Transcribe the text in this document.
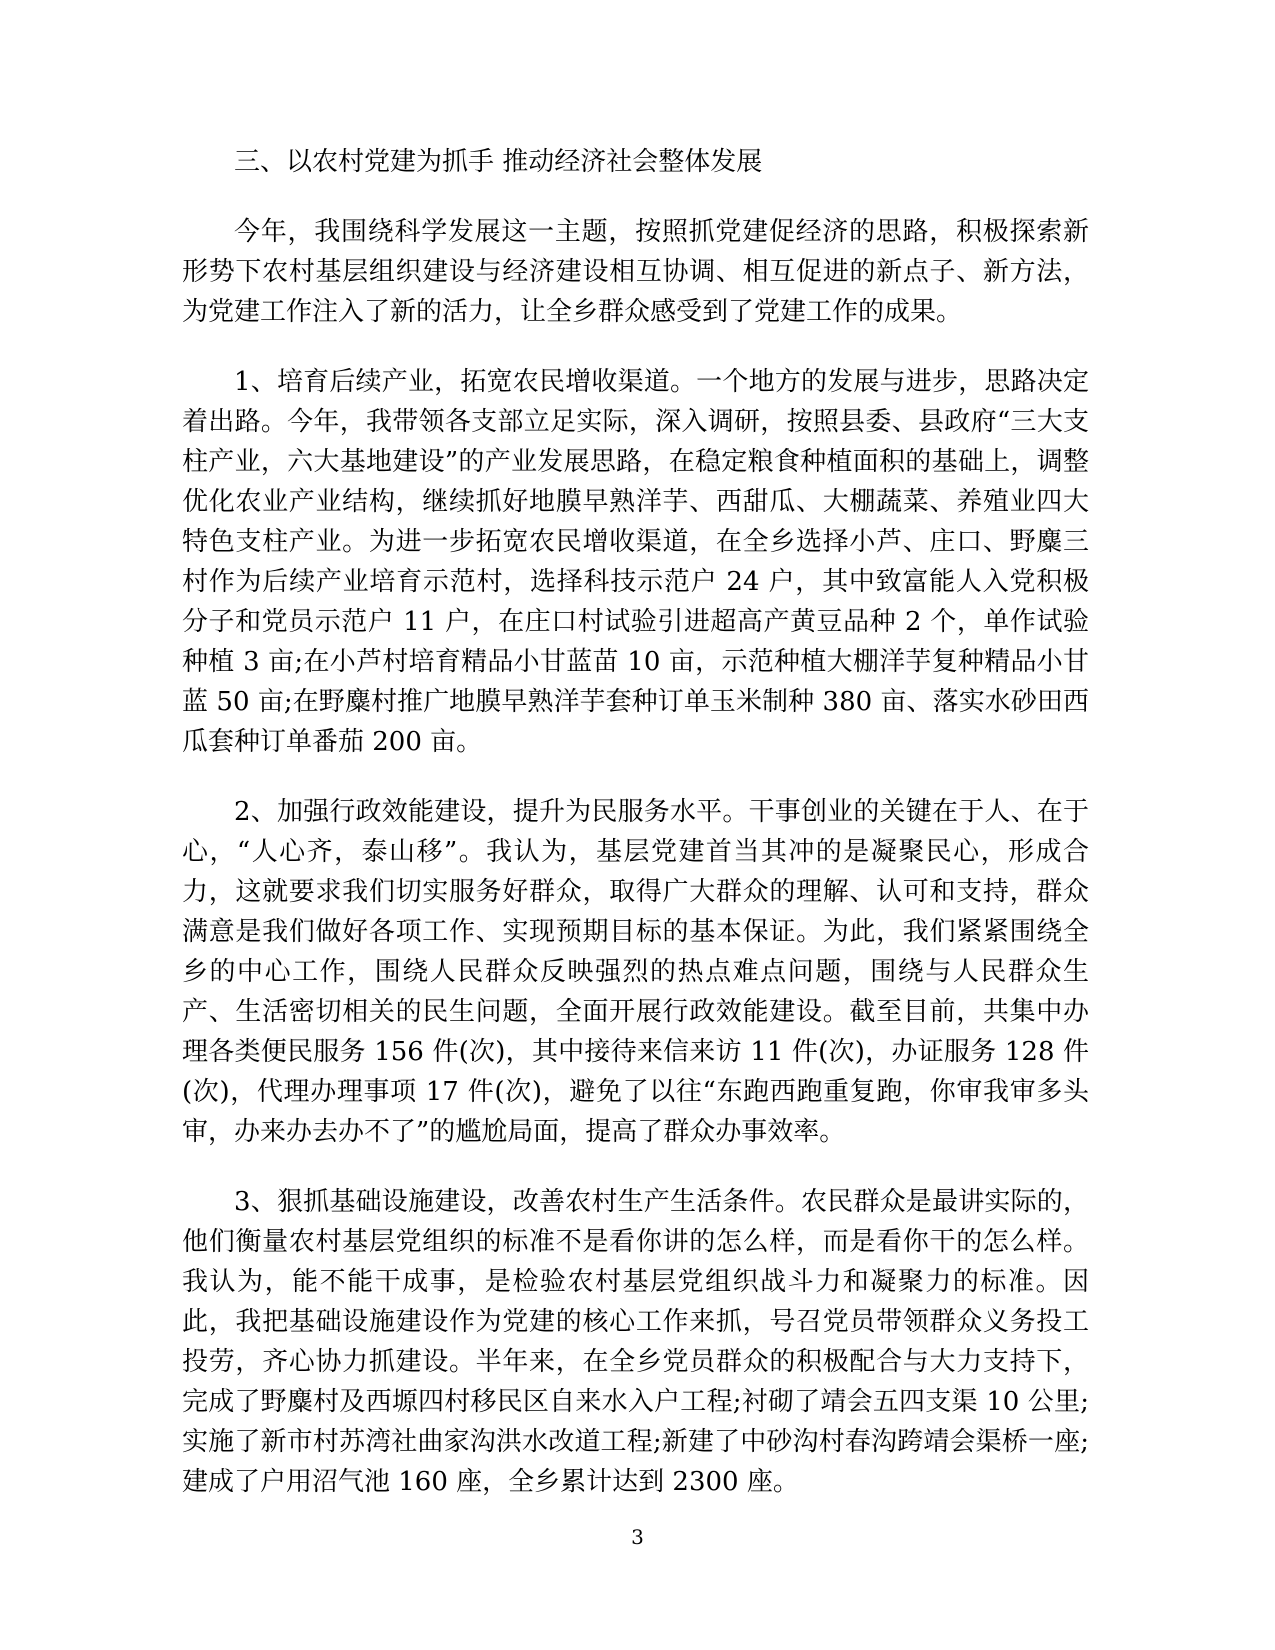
三、以农村党建为抓手 推动经济社会整体发展

今年，我围绕科学发展这一主题，按照抓党建促经济的思路，积极探索新形势下农村基层组织建设与经济建设相互协调、相互促进的新点子、新方法，为党建工作注入了新的活力，让全乡群众感受到了党建工作的成果。

1、培育后续产业，拓宽农民增收渠道。一个地方的发展与进步，思路决定着出路。今年，我带领各支部立足实际，深入调研，按照县委、县政府“三大支柱产业，六大基地建设”的产业发展思路，在稳定粮食种植面积的基础上，调整优化农业产业结构，继续抓好地膜早熟洋芋、西甜瓜、大棚蔬菜、养殖业四大特色支柱产业。为进一步拓宽农民增收渠道，在全乡选择小芦、庄口、野麋三村作为后续产业培育示范村，选择科技示范户 24 户，其中致富能人入党积极分子和党员示范户 11 户，在庄口村试验引进超高产黄豆品种 2 个，单作试验种植 3 亩;在小芦村培育精品小甘蓝苗 10 亩，示范种植大棚洋芋复种精品小甘蓝 50 亩;在野麋村推广地膜早熟洋芋套种订单玉米制种 380 亩、落实水砂田西瓜套种订单番茄 200 亩。

2、加强行政效能建设，提升为民服务水平。干事创业的关键在于人、在于心，“人心齐，泰山移”。我认为，基层党建首当其冲的是凝聚民心，形成合力，这就要求我们切实服务好群众，取得广大群众的理解、认可和支持，群众满意是我们做好各项工作、实现预期目标的基本保证。为此，我们紧紧围绕全乡的中心工作，围绕人民群众反映强烈的热点难点问题，围绕与人民群众生产、生活密切相关的民生问题，全面开展行政效能建设。截至目前，共集中办理各类便民服务 156 件(次)，其中接待来信来访 11 件(次)，办证服务 128 件(次)，代理办理事项 17 件(次)，避免了以往“东跑西跑重复跑，你审我审多头审，办来办去办不了”的尴尬局面，提高了群众办事效率。

3、狠抓基础设施建设，改善农村生产生活条件。农民群众是最讲实际的，他们衡量农村基层党组织的标准不是看你讲的怎么样，而是看你干的怎么样。我认为，能不能干成事，是检验农村基层党组织战斗力和凝聚力的标准。因此，我把基础设施建设作为党建的核心工作来抓，号召党员带领群众义务投工投劳，齐心协力抓建设。半年来，在全乡党员群众的积极配合与大力支持下，完成了野麋村及西塬四村移民区自来水入户工程;衬砌了靖会五四支渠 10 公里;实施了新市村苏湾社曲家沟洪水改道工程;新建了中砂沟村春沟跨靖会渠桥一座;建成了户用沼气池 160 座，全乡累计达到 2300 座。

3
